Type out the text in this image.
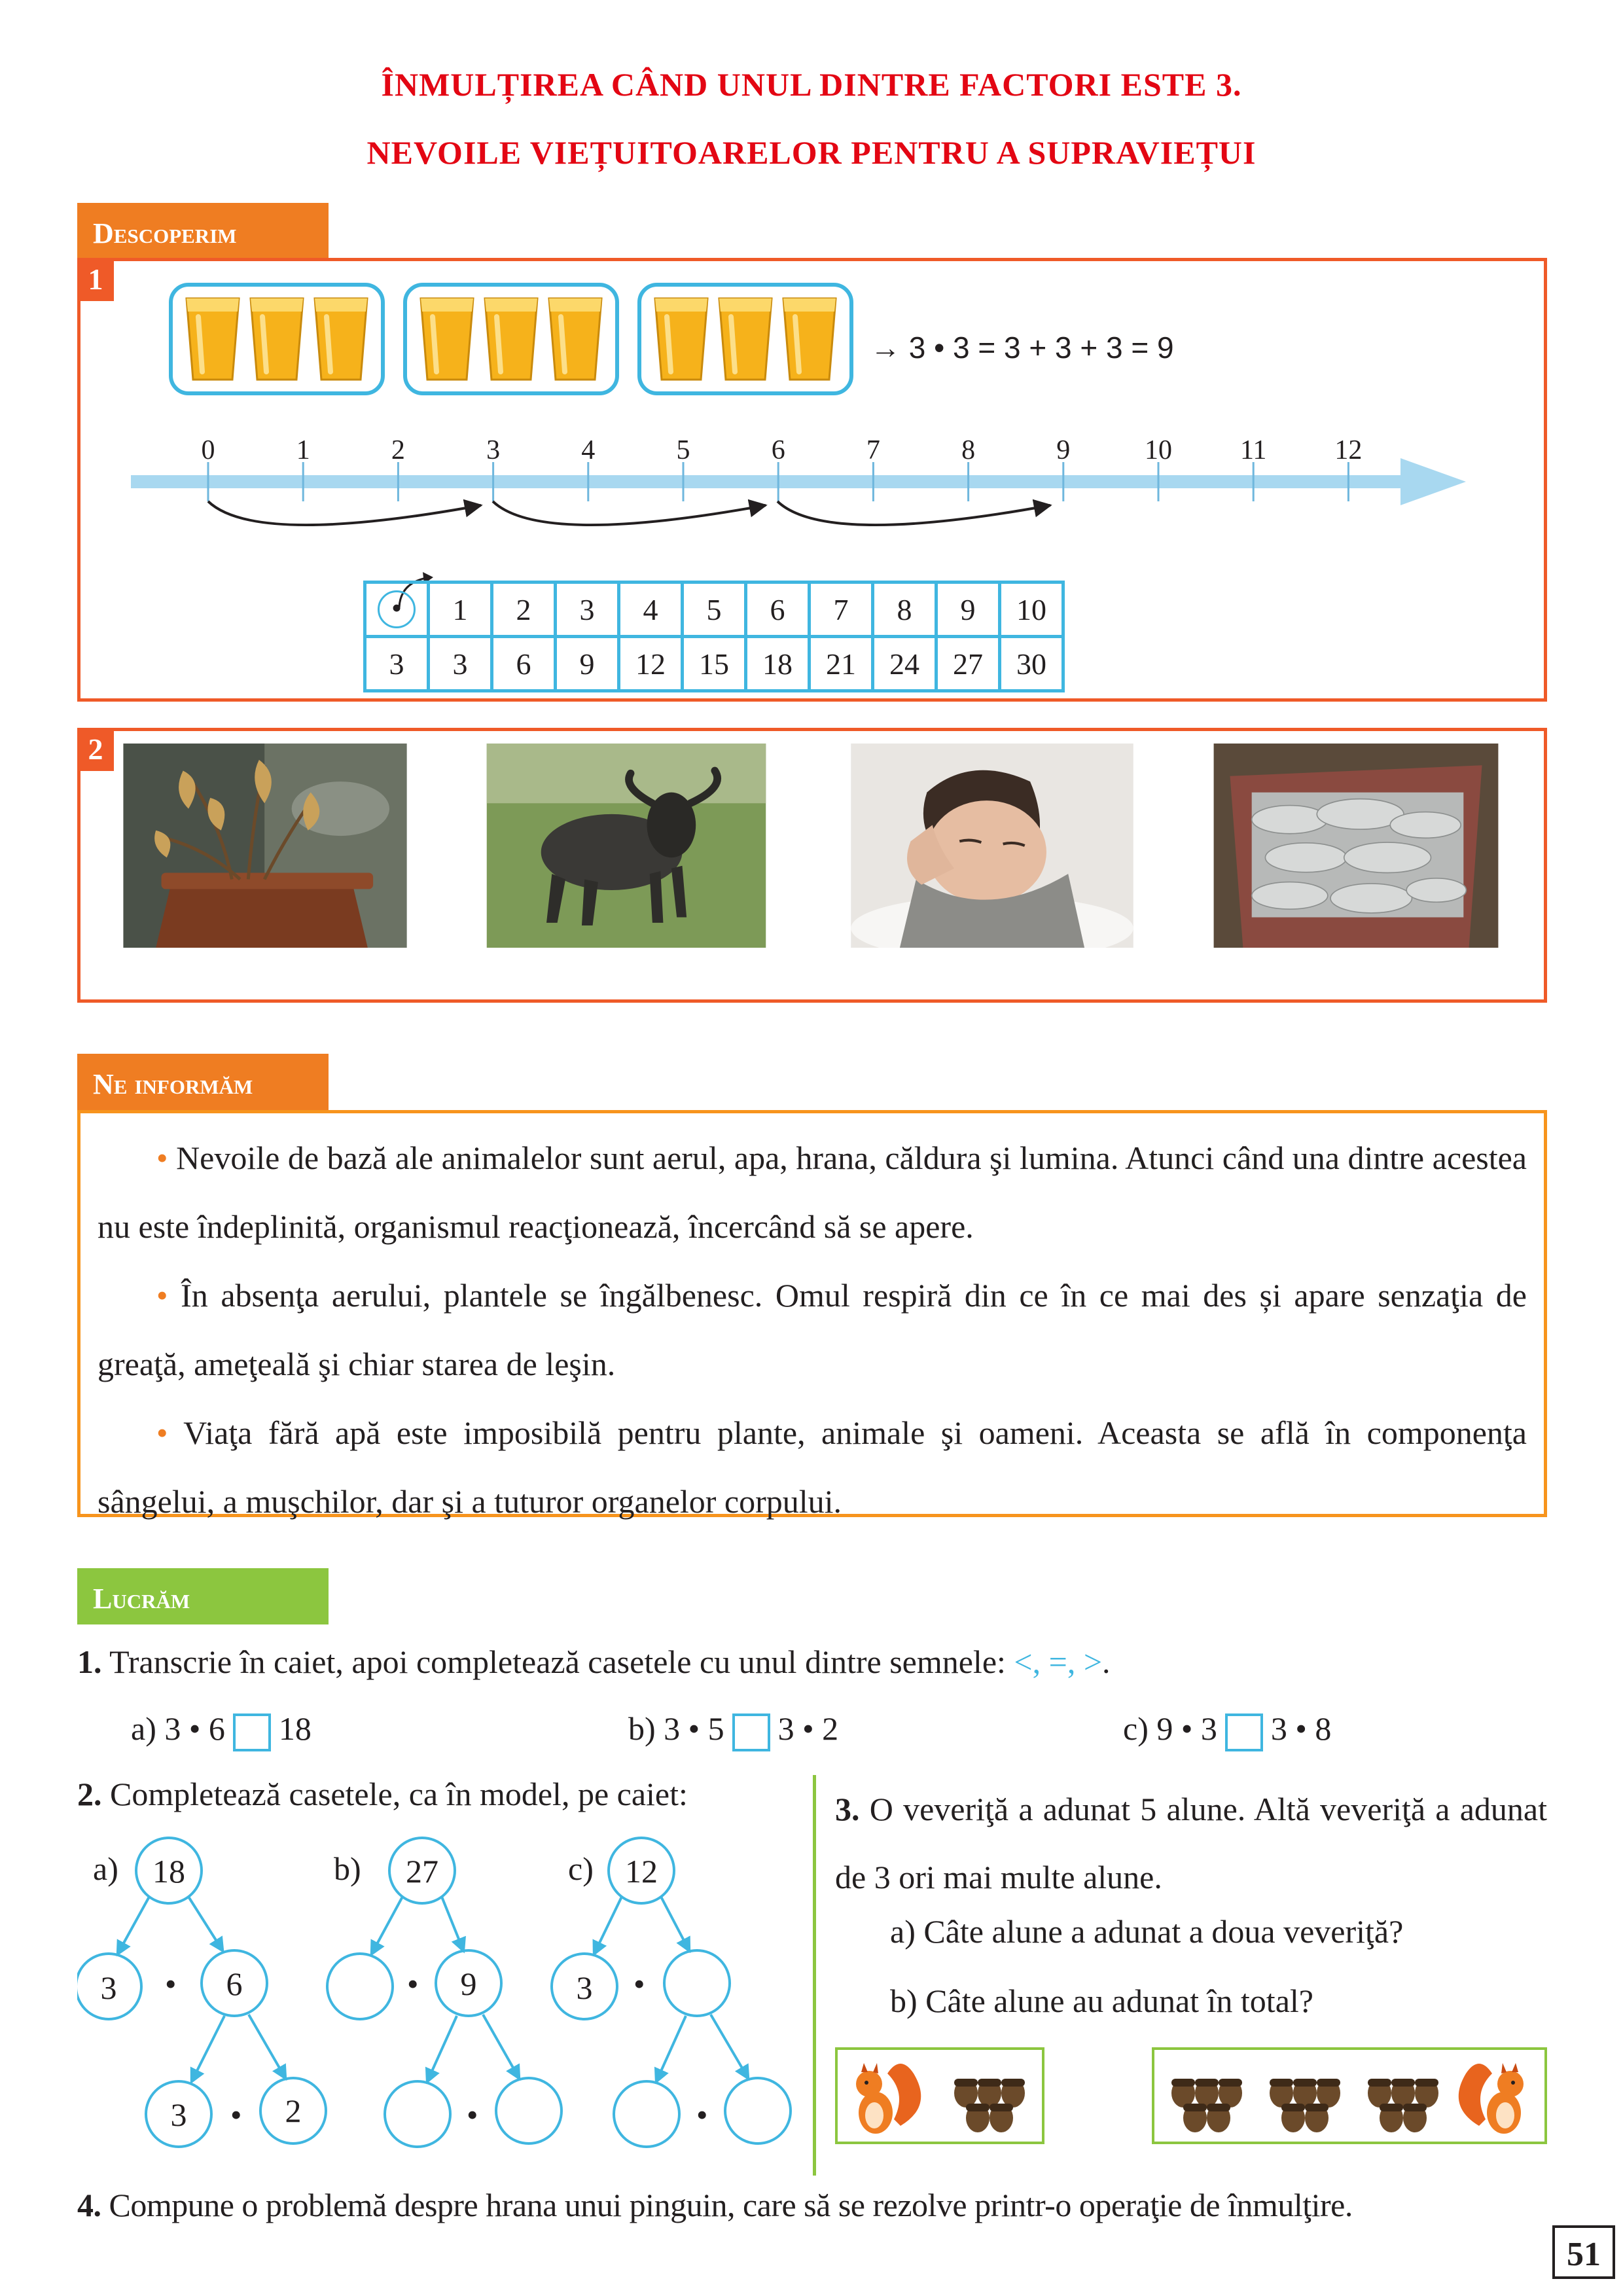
ÎNMULȚIREA CÂND UNUL DINTRE FACTORI ESTE 3.
NEVOILE VIEȚUITOARELOR PENTRU A SUPRAVIEȚUI
Descoperim
1
→ 3 • 3 = 3 + 3 + 3 = 9
0	1	2	3	4	5	6	7	8	9	10	11	12
•	1	2	3	4	5	6	7	8	9	10
3	3	6	9	12	15	18	21	24	27	30
2
Ne informăm

• Nevoile de bază ale animalelor sunt aerul, apa, hrana, căldura şi lumina. Atunci când una dintre acestea nu este îndeplinită, organismul reacţionează, încercând să se apere.

• În absenţa aerului, plantele se îngălbenesc. Omul respiră din ce în ce mai des și apare senzaţia de greaţă, ameţeală şi chiar starea de leşin.

• Viaţa fără apă este imposibilă pentru plante, animale şi oameni. Aceasta se află în componenţa sângelui, a muşchilor, dar şi a tuturor organelor corpului.

Lucrăm
1. Transcrie în caiet, apoi completează casetele cu unul dintre semnele: <, =, >.
a) 3 • 6 18	b) 3 • 5 3 • 2	c) 9 • 3 3 • 8
2. Completează casetele, ca în model, pe caiet:
a)	b)	c)
18
3	6
3	2
27
9
12
3
•
•
•
•
•
•
3. O veveriţă a adunat 5 alune. Altă veveriţă a adunat de 3 ori mai multe alune.
a) Câte alune a adunat a doua veveriţă?
b) Câte alune au adunat în total?
4. Compune o problemă despre hrana unui pinguin, care să se rezolve printr-o operaţie de înmulţire.
51
